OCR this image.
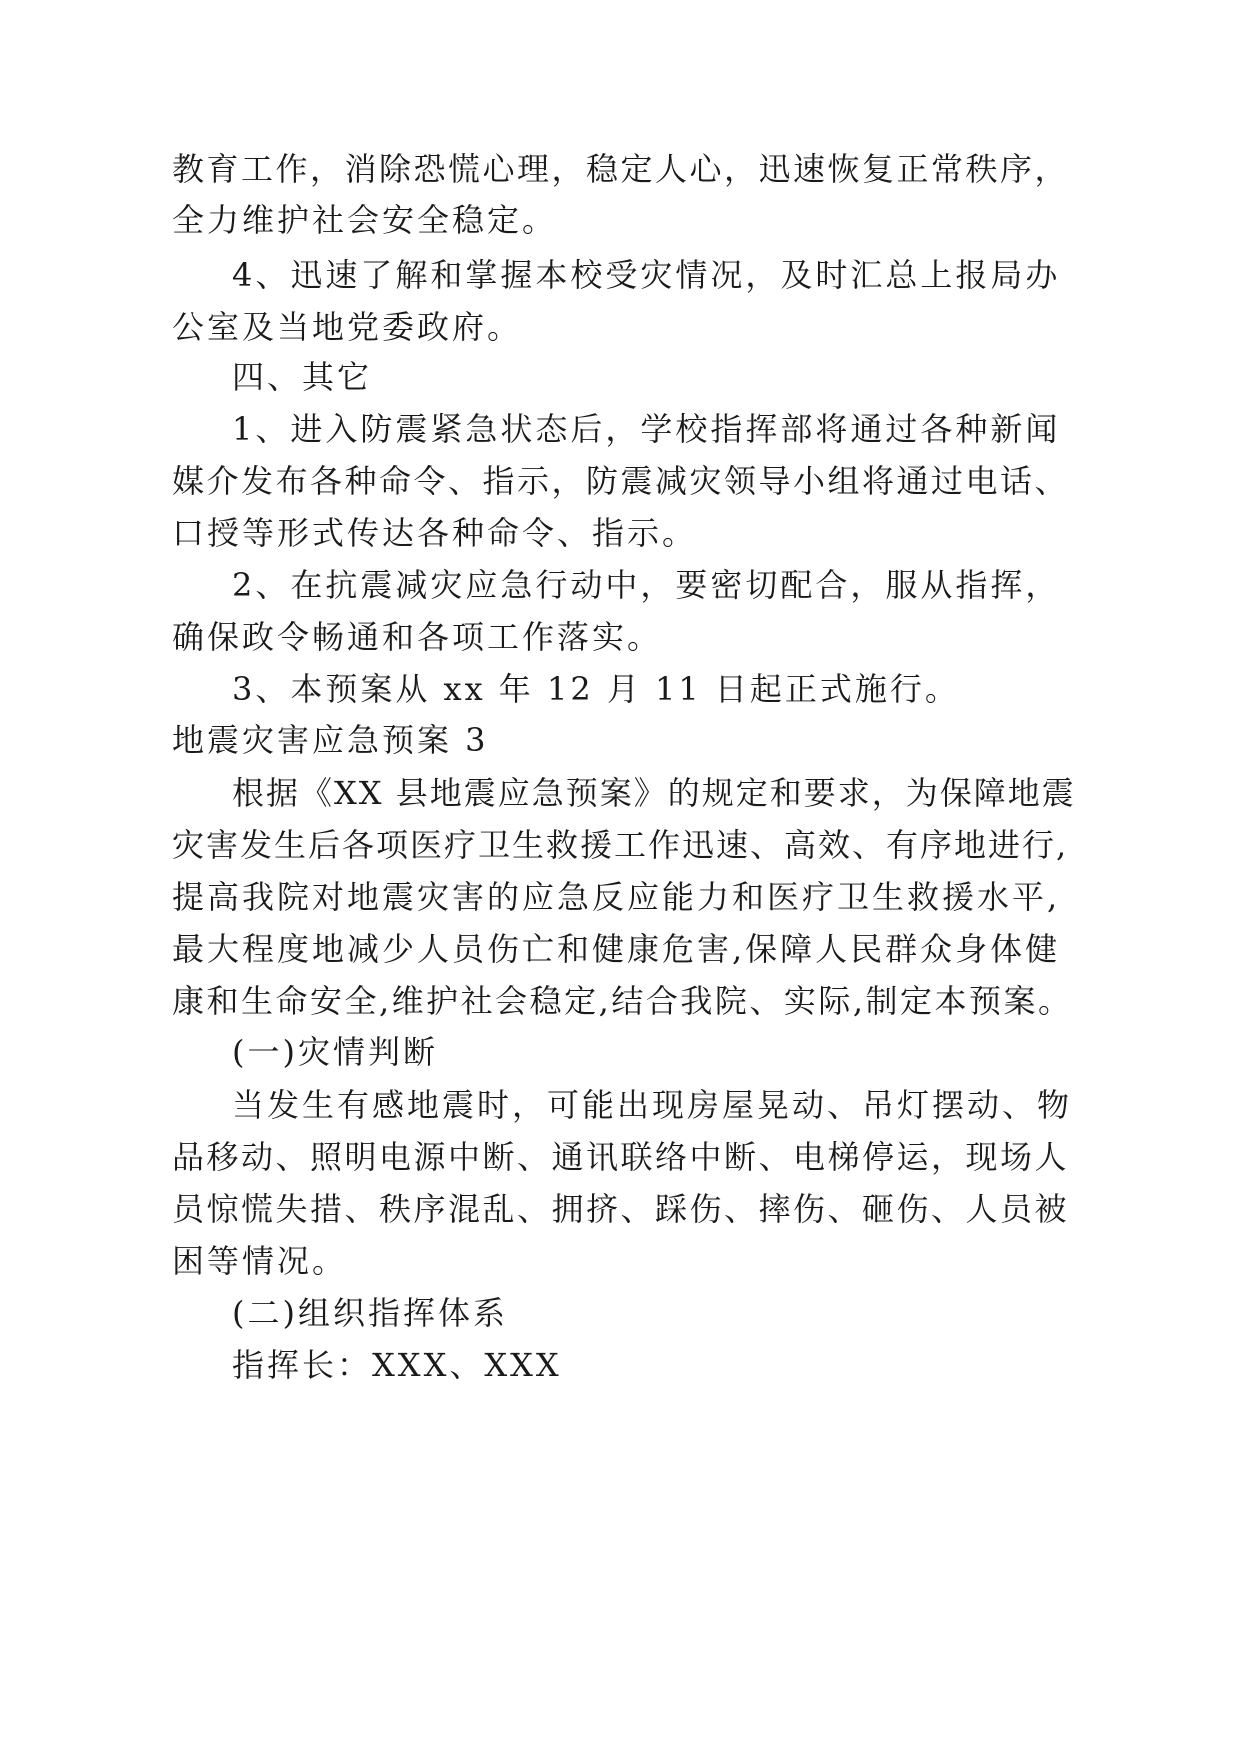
教育工作，消除恐慌心理，稳定人心，迅速恢复正常秩序，
全力维护社会安全稳定。
4、迅速了解和掌握本校受灾情况，及时汇总上报局办
公室及当地党委政府。
四、其它
1、进入防震紧急状态后，学校指挥部将通过各种新闻
媒介发布各种命令、指示，防震减灾领导小组将通过电话、
口授等形式传达各种命令、指示。
2、在抗震减灾应急行动中，要密切配合，服从指挥，
确保政令畅通和各项工作落实。
3、本预案从 xx 年 12 月 11 日起正式施行。
地震灾害应急预案 3
根据《XX 县地震应急预案》的规定和要求，为保障地震
灾害发生后各项医疗卫生救援工作迅速、高效、有序地进行,
提高我院对地震灾害的应急反应能力和医疗卫生救援水平,
最大程度地减少人员伤亡和健康危害,保障人民群众身体健
康和生命安全,维护社会稳定,结合我院、实际,制定本预案。
(一)灾情判断
当发生有感地震时，可能出现房屋晃动、吊灯摆动、物
品移动、照明电源中断、通讯联络中断、电梯停运，现场人
员惊慌失措、秩序混乱、拥挤、踩伤、摔伤、砸伤、人员被
困等情况。
(二)组织指挥体系
指挥长：XXX、XXX
